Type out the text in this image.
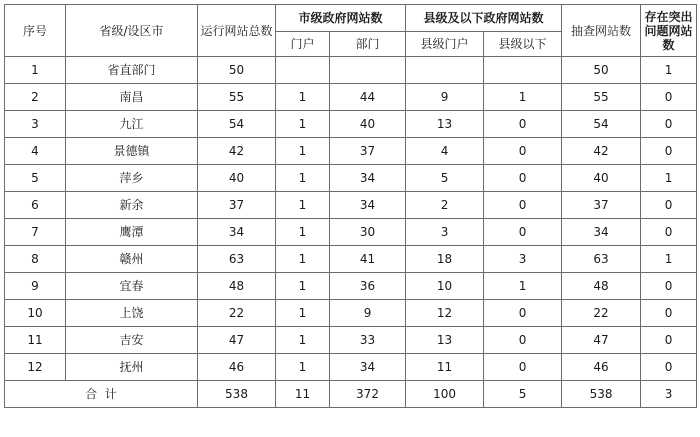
序号	省级/设区市	运行网站总数	市级政府网站数		县级及以下政府网站数		抽查网站数	存在突出问题网站数
			门户	部门	县级门户	县级以下		
1	省直部门	50					50	1
2	南昌	55	1	44	9	1	55	0
3	九江	54	1	40	13	0	54	0
4	景德镇	42	1	37	4	0	42	0
5	萍乡	40	1	34	5	0	40	1
6	新余	37	1	34	2	0	37	0
7	鹰潭	34	1	30	3	0	34	0
8	赣州	63	1	41	18	3	63	1
9	宜春	48	1	36	10	1	48	0
10	上饶	22	1	9	12	0	22	0
11	吉安	47	1	33	13	0	47	0
12	抚州	46	1	34	11	0	46	0
合  计		538	11	372	100	5	538	3
